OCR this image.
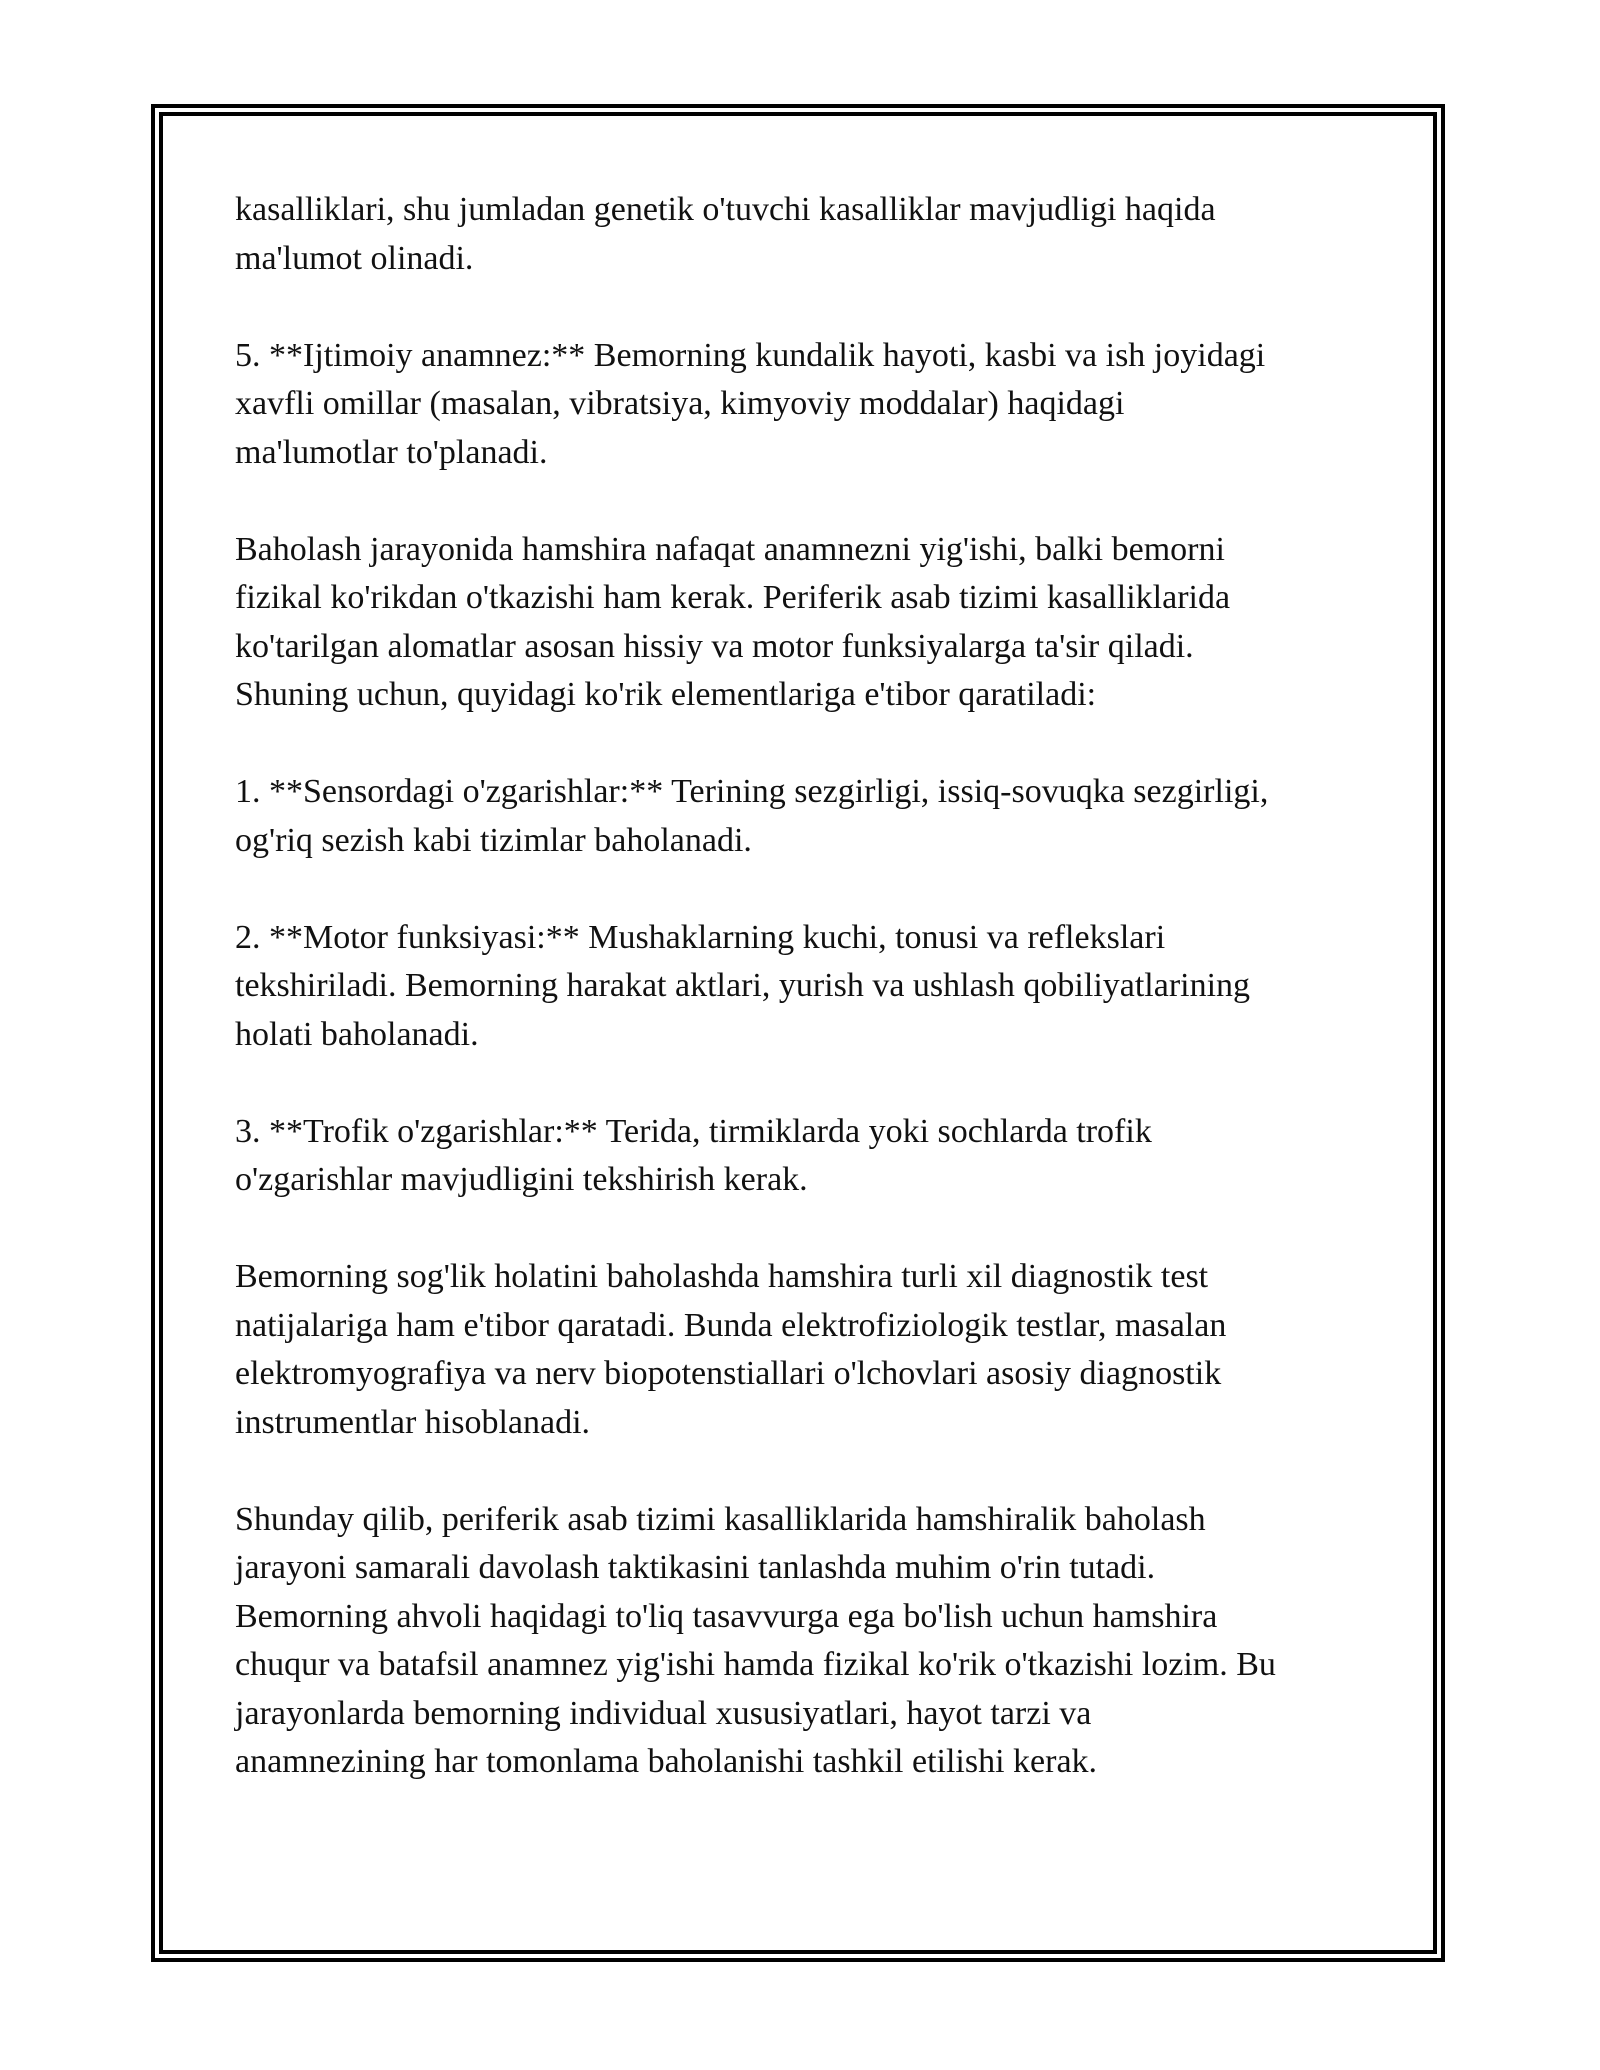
kasalliklari, shu jumladan genetik o'tuvchi kasalliklar mavjudligi haqida
ma'lumot olinadi.

5. **Ijtimoiy anamnez:** Bemorning kundalik hayoti, kasbi va ish joyidagi
xavfli omillar (masalan, vibratsiya, kimyoviy moddalar) haqidagi
ma'lumotlar to'planadi.

Baholash jarayonida hamshira nafaqat anamnezni yig'ishi, balki bemorni
fizikal ko'rikdan o'tkazishi ham kerak. Periferik asab tizimi kasalliklarida
ko'tarilgan alomatlar asosan hissiy va motor funksiyalarga ta'sir qiladi.
Shuning uchun, quyidagi ko'rik elementlariga e'tibor qaratiladi:

1. **Sensordagi o'zgarishlar:** Terining sezgirligi, issiq-sovuqka sezgirligi,
og'riq sezish kabi tizimlar baholanadi.

2. **Motor funksiyasi:** Mushaklarning kuchi, tonusi va reflekslari
tekshiriladi. Bemorning harakat aktlari, yurish va ushlash qobiliyatlarining
holati baholanadi.

3. **Trofik o'zgarishlar:** Terida, tirmiklarda yoki sochlarda trofik
o'zgarishlar mavjudligini tekshirish kerak.

Bemorning sog'lik holatini baholashda hamshira turli xil diagnostik test
natijalariga ham e'tibor qaratadi. Bunda elektrofiziologik testlar, masalan
elektromyografiya va nerv biopotenstiallari o'lchovlari asosiy diagnostik
instrumentlar hisoblanadi.

Shunday qilib, periferik asab tizimi kasalliklarida hamshiralik baholash
jarayoni samarali davolash taktikasini tanlashda muhim o'rin tutadi.
Bemorning ahvoli haqidagi to'liq tasavvurga ega bo'lish uchun hamshira
chuqur va batafsil anamnez yig'ishi hamda fizikal ko'rik o'tkazishi lozim. Bu
jarayonlarda bemorning individual xususiyatlari, hayot tarzi va
anamnezining har tomonlama baholanishi tashkil etilishi kerak.
